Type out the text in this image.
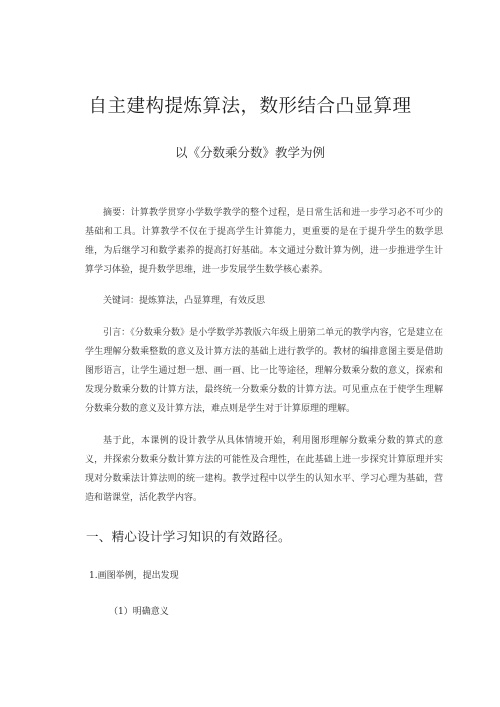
自主建构提炼算法，数形结合凸显算理
以《分数乘分数》教学为例
摘要：计算教学贯穿小学数学教学的整个过程，是日常生活和进一步学习必不可少的基础和工具。计算教学不仅在于提高学生计算能力，更重要的是在于提升学生的数学思维，为后继学习和数学素养的提高打好基础。本文通过分数计算为例，进一步推进学生计算学习体验，提升数学思维，进一步发展学生数学核心素养。
关键词：提炼算法，凸显算理，有效反思
引言：《分数乘分数》是小学数学苏教版六年级上册第二单元的教学内容，它是建立在学生理解分数乘整数的意义及计算方法的基础上进行教学的。教材的编排意图主要是借助图形语言，让学生通过想一想、画一画、比一比等途径，理解分数乘分数的意义，探索和发现分数乘分数的计算方法，最终统一分数乘分数的计算方法。可见重点在于使学生理解分数乘分数的意义及计算方法，难点则是学生对于计算原理的理解。
基于此，本课例的设计教学从具体情境开始，利用图形理解分数乘分数的算式的意义，并探索分数乘分数计算方法的可能性及合理性，在此基础上进一步探究计算原理并实现对分数乘法计算法则的统一建构。教学过程中以学生的认知水平、学习心理为基础，营造和谐课堂，活化教学内容。
一、精心设计学习知识的有效路径。
1.画图举例，提出发现
（1）明确意义
